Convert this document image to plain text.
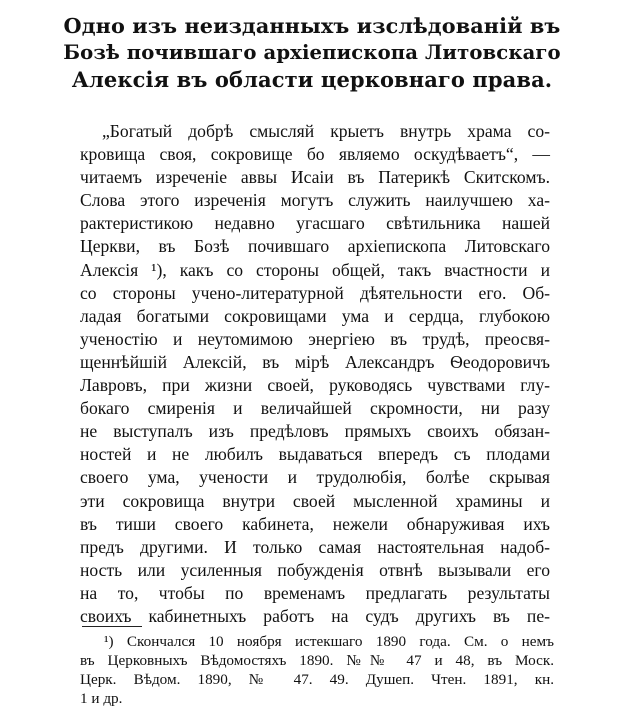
Одно изъ неизданныхъ изслѣдованій въ
Бозѣ почившаго архіепископа Литовскаго
Алексія въ области церковнаго права.
„Богатый добрѣ смысляй крыетъ внутрь храма со-
кровища своя, сокровище бо являемо оскудѣваетъ“, —
читаемъ изреченіе аввы Исаіи въ Патерикѣ Скитскомъ.
Слова этого изреченія могутъ служить наилучшею ха-
рактеристикою недавно угасшаго свѣтильника нашей
Церкви, въ Бозѣ почившаго архіепископа Литовскаго
Алексія ¹), какъ со стороны общей, такъ вчастности и
со стороны учено-литературной дѣятельности его. Об-
ладая богатыми сокровищами ума и сердца, глубокою
ученостію и неутомимою энергіею въ трудѣ, преосвя-
щеннѣйшій Алексій, въ мірѣ Александръ Ѳеодоровичъ
Лавровъ, при жизни своей, руководясь чувствами глу-
бокаго смиренія и величайшей скромности, ни разу
не выступалъ изъ предѣловъ прямыхъ своихъ обязан-
ностей и не любилъ выдаваться впередъ съ плодами
своего ума, учености и трудолюбія, болѣе скрывая
эти сокровища внутри своей мысленной храмины и
въ тиши своего кабинета, нежели обнаруживая ихъ
предъ другими. И только самая настоятельная надоб-
ность или усиленныя побужденія отвнѣ вызывали его
на то, чтобы по временамъ предлагать результаты
своихъ кабинетныхъ работъ на судъ другихъ въ пе-
¹) Скончался 10 ноября истекшаго 1890 года. См. о немъ
въ Церковныхъ Вѣдомостяхъ 1890. №№ 47 и 48, въ Моск.
Церк. Вѣдом. 1890, № 47. 49. Душеп. Чтен. 1891, кн.
1 и др.
